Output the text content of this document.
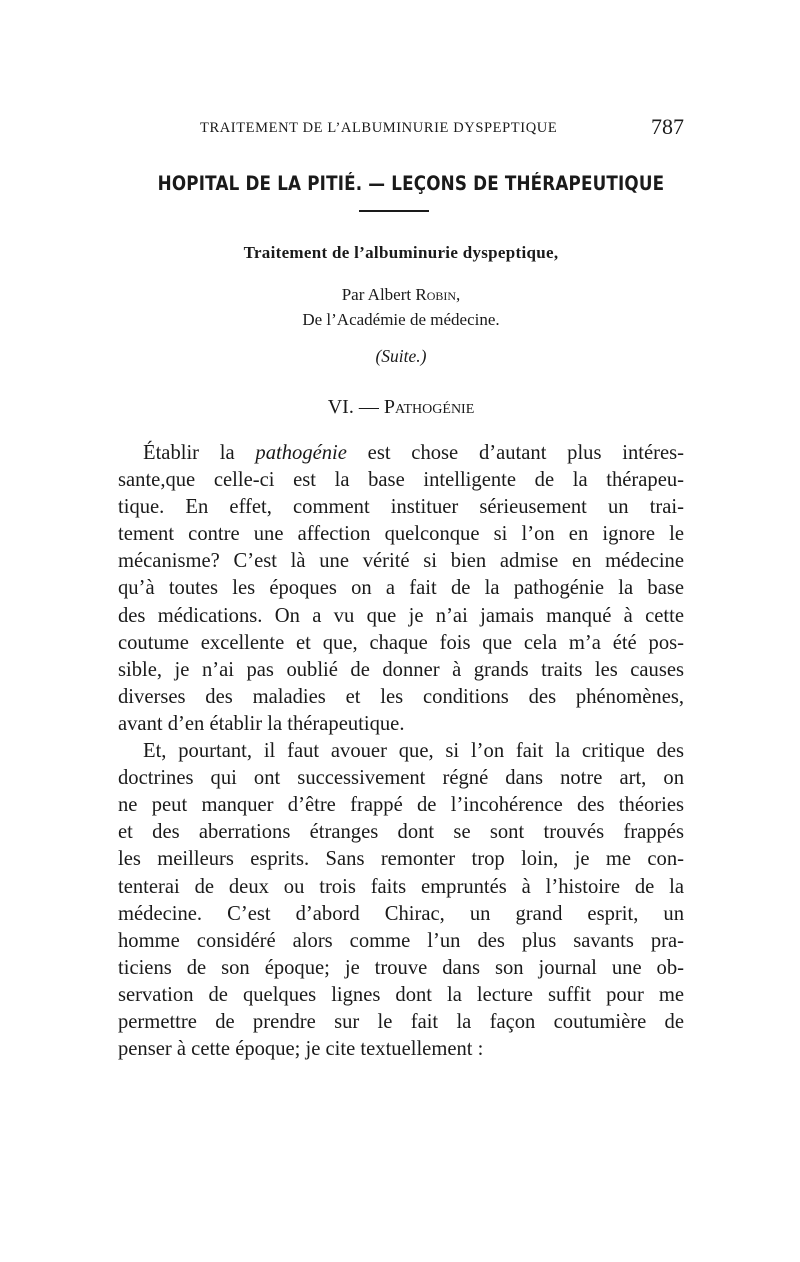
TRAITEMENT DE L’ALBUMINURIE DYSPEPTIQUE	787
HOPITAL DE LA PITIÉ. — LEÇONS DE THÉRAPEUTIQUE
Traitement de l’albuminurie dyspeptique,
Par Albert Robin,
De l’Académie de médecine.
(Suite.)
VI. — Pathogénie
Établir la pathogénie est chose d’autant plus intéres-
sante,que celle-ci est la base intelligente de la thérapeu-
tique. En effet, comment instituer sérieusement un trai-
tement contre une affection quelconque si l’on en ignore le
mécanisme? C’est là une vérité si bien admise en médecine
qu’à toutes les époques on a fait de la pathogénie la base
des médications. On a vu que je n’ai jamais manqué à cette
coutume excellente et que, chaque fois que cela m’a été pos-
sible, je n’ai pas oublié de donner à grands traits les causes
diverses des maladies et les conditions des phénomènes,
avant d’en établir la thérapeutique.
Et, pourtant, il faut avouer que, si l’on fait la critique des
doctrines qui ont successivement régné dans notre art, on
ne peut manquer d’être frappé de l’incohérence des théories
et des aberrations étranges dont se sont trouvés frappés
les meilleurs esprits. Sans remonter trop loin, je me con-
tenterai de deux ou trois faits empruntés à l’histoire de la
médecine. C’est d’abord Chirac, un grand esprit, un
homme considéré alors comme l’un des plus savants pra-
ticiens de son époque; je trouve dans son journal une ob-
servation de quelques lignes dont la lecture suffit pour me
permettre de prendre sur le fait la façon coutumière de
penser à cette époque; je cite textuellement :
